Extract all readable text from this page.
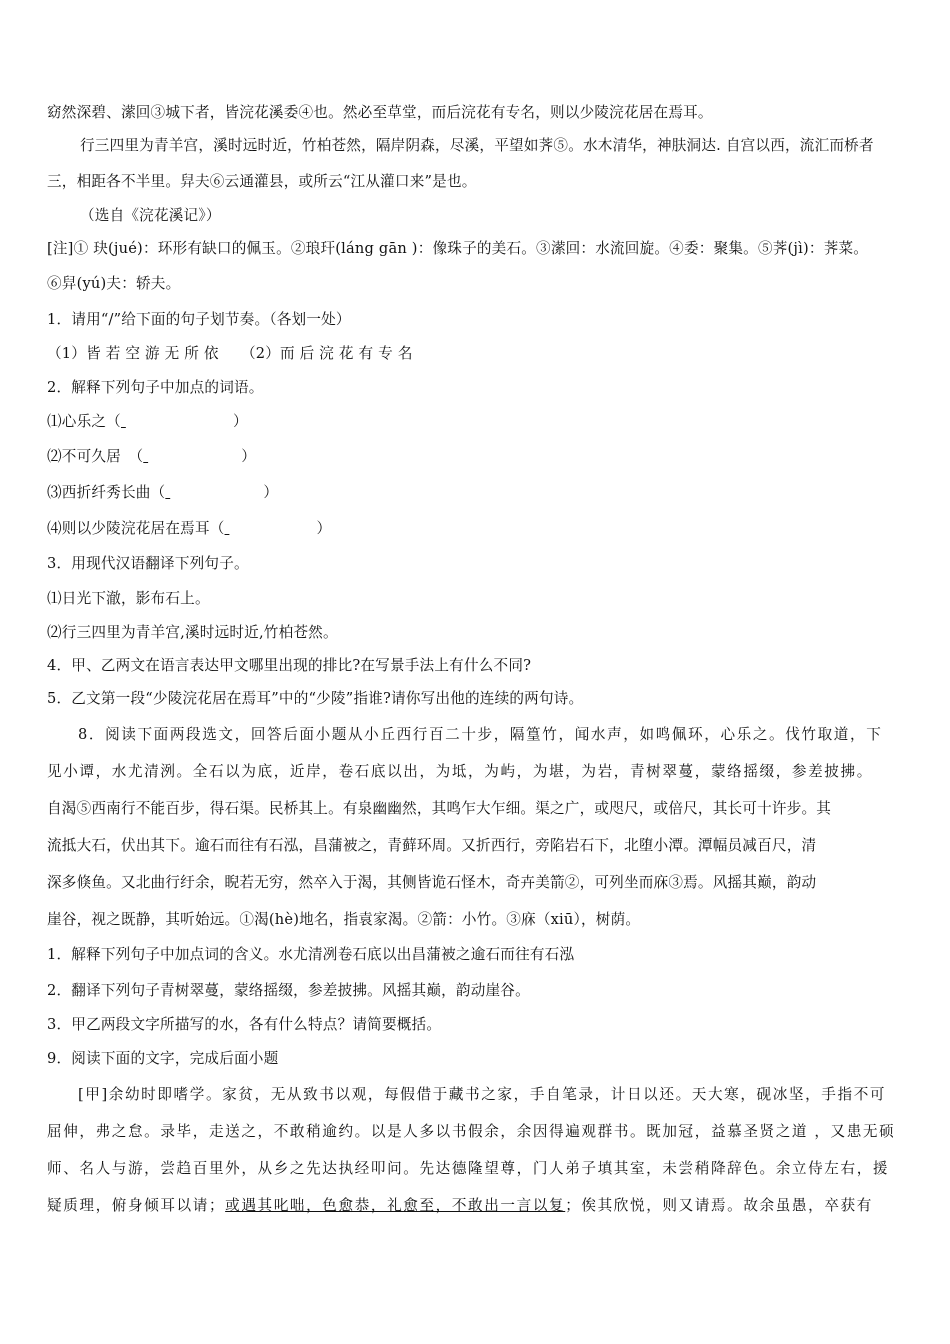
窈然深碧、潆回③城下者，皆浣花溪委④也。然必至草堂，而后浣花有专名，则以少陵浣花居在焉耳。
行三四里为青羊宫，溪时远时近，竹柏苍然，隔岸阴森，尽溪，平望如荠⑤。水木清华，神肤洞达. 自宫以西，流汇而桥者
三，相距各不半里。舁夫⑥云通灌县，或所云“江从灌口来”是也。
（选自《浣花溪记》）
[注]① 玦(jué)：环形有缺口的佩玉。②琅玕(láng gān )：像珠子的美石。③潆回：水流回旋。④委：聚集。⑤荠(jì)：荠菜。
⑥舁(yú)夫：轿夫。
1．请用“/”给下面的句子划节奏。（各划一处）
（1）皆 若 空 游 无 所 依　　（2）而 后 浣 花 有 专 名
2．解释下列句子中加点的词语。
⑴心乐之（	）
⑵不可久居　（	）
⑶西折纤秀长曲（	）
⑷则以少陵浣花居在焉耳（	）
3．用现代汉语翻译下列句子。
⑴日光下澈，影布石上。
⑵行三四里为青羊宫,溪时远时近,竹柏苍然。
4．甲、乙两文在语言表达甲文哪里出现的排比?在写景手法上有什么不同?
5．乙文第一段“少陵浣花居在焉耳”中的“少陵”指谁?请你写出他的连续的两句诗。
8．阅读下面两段选文，回答后面小题从小丘西行百二十步，隔篁竹，闻水声，如鸣佩环，心乐之。伐竹取道，下
见小谭，水尤清洌。全石以为底，近岸，卷石底以出，为坻，为屿，为堪，为岩，青树翠蔓，蒙络摇缀，参差披拂。
自渴⑤西南行不能百步，得石渠。民桥其上。有泉幽幽然，其鸣乍大乍细。渠之广，或咫尺，或倍尺，其长可十许步。其
流抵大石，伏出其下。逾石而往有石泓，昌蒲被之，青藓环周。又折西行，旁陷岩石下，北堕小潭。潭幅员减百尺，清
深多倏鱼。又北曲行纡余，睨若无穷，然卒入于渴，其侧皆诡石怪木，奇卉美箭②，可列坐而庥③焉。风摇其巅，韵动
崖谷，视之既静，其听始远。①渴(hè)地名，指袁家渴。②箭：小竹。③庥（xiū），树荫。
1．解释下列句子中加点词的含义。水尤清冽卷石底以出昌蒲被之逾石而往有石泓
2．翻译下列句子青树翠蔓，蒙络摇缀，参差披拂。风摇其巅，韵动崖谷。
3．甲乙两段文字所描写的水，各有什么特点？请简要概括。
9．阅读下面的文字，完成后面小题
[甲]余幼时即嗜学。家贫，无从致书以观，每假借于藏书之家，手自笔录，计日以还。天大寒，砚冰坚，手指不可
屈伸，弗之怠。录毕，走送之，不敢稍逾约。以是人多以书假余，余因得遍观群书。既加冠，益慕圣贤之道 ，又患无硕
师、名人与游，尝趋百里外，从乡之先达执经叩问。先达德隆望尊，门人弟子填其室，未尝稍降辞色。余立侍左右，援
疑质理，俯身倾耳以请；或遇其叱咄，色愈恭，礼愈至，不敢出一言以复；俟其欣悦，则又请焉。故余虽愚，卒获有
